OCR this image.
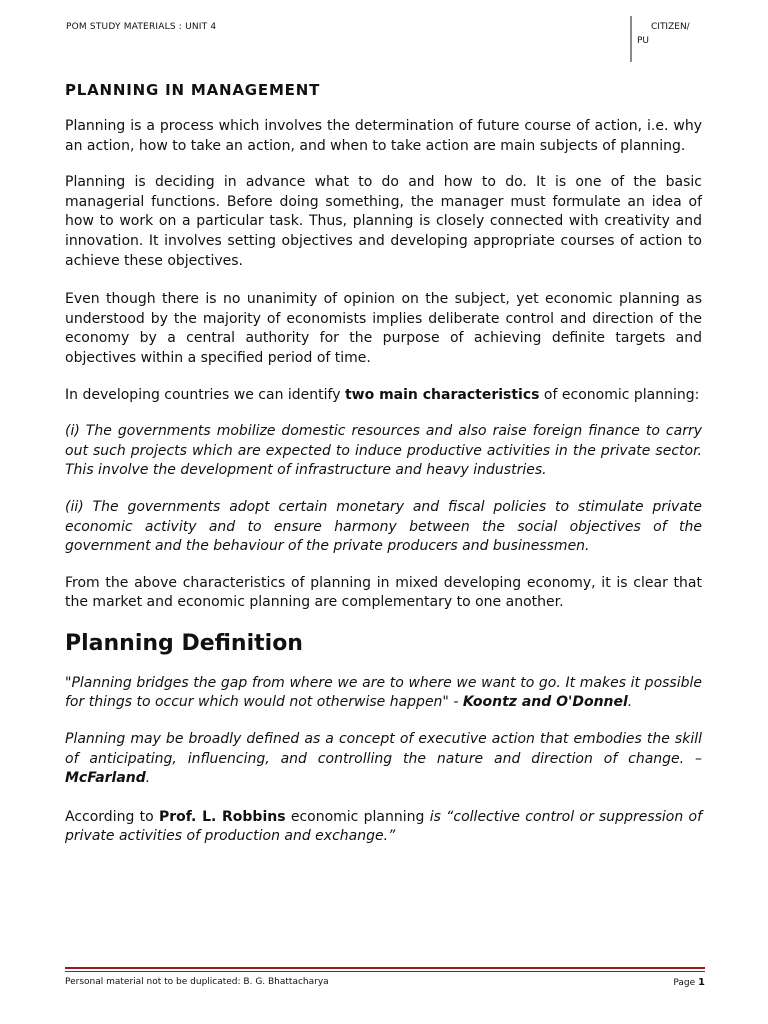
POM STUDY MATERIALS : UNIT 4	CITIZEN/
PU
PLANNING IN MANAGEMENT

Planning is a process which involves the determination of future course of action, i.e. why an action, how to take an action, and when to take action are main subjects of planning.

Planning is deciding in advance what to do and how to do. It is one of the basic managerial functions. Before doing something, the manager must formulate an idea of how to work on a particular task. Thus, planning is closely connected with creativity and innovation. It involves setting objectives and developing appropriate courses of action to achieve these objectives.

Even though there is no unanimity of opinion on the subject, yet economic planning as understood by the majority of economists implies deliberate control and direction of the economy by a central authority for the purpose of achieving definite targets and objectives within a specified period of time.

In developing countries we can identify two main characteristics of economic planning:

(i) The governments mobilize domestic resources and also raise foreign finance to carry out such projects which are expected to induce productive activities in the private sector. This involve the development of infrastructure and heavy industries.

(ii) The governments adopt certain monetary and fiscal policies to stimulate private economic activity and to ensure harmony between the social objectives of the government and the behaviour of the private producers and businessmen.

From the above characteristics of planning in mixed developing economy, it is clear that the market and economic planning are complementary to one another.

Planning Definition

"Planning bridges the gap from where we are to where we want to go. It makes it possible for things to occur which would not otherwise happen" - Koontz and O'Donnel.

Planning may be broadly defined as a concept of executive action that embodies the skill of anticipating, influencing, and controlling the nature and direction of change. – McFarland.

According to Prof. L. Robbins economic planning is “collective control or suppression of private activities of production and exchange.”

Personal material not to be duplicated: B. G. Bhattacharya	Page 1
